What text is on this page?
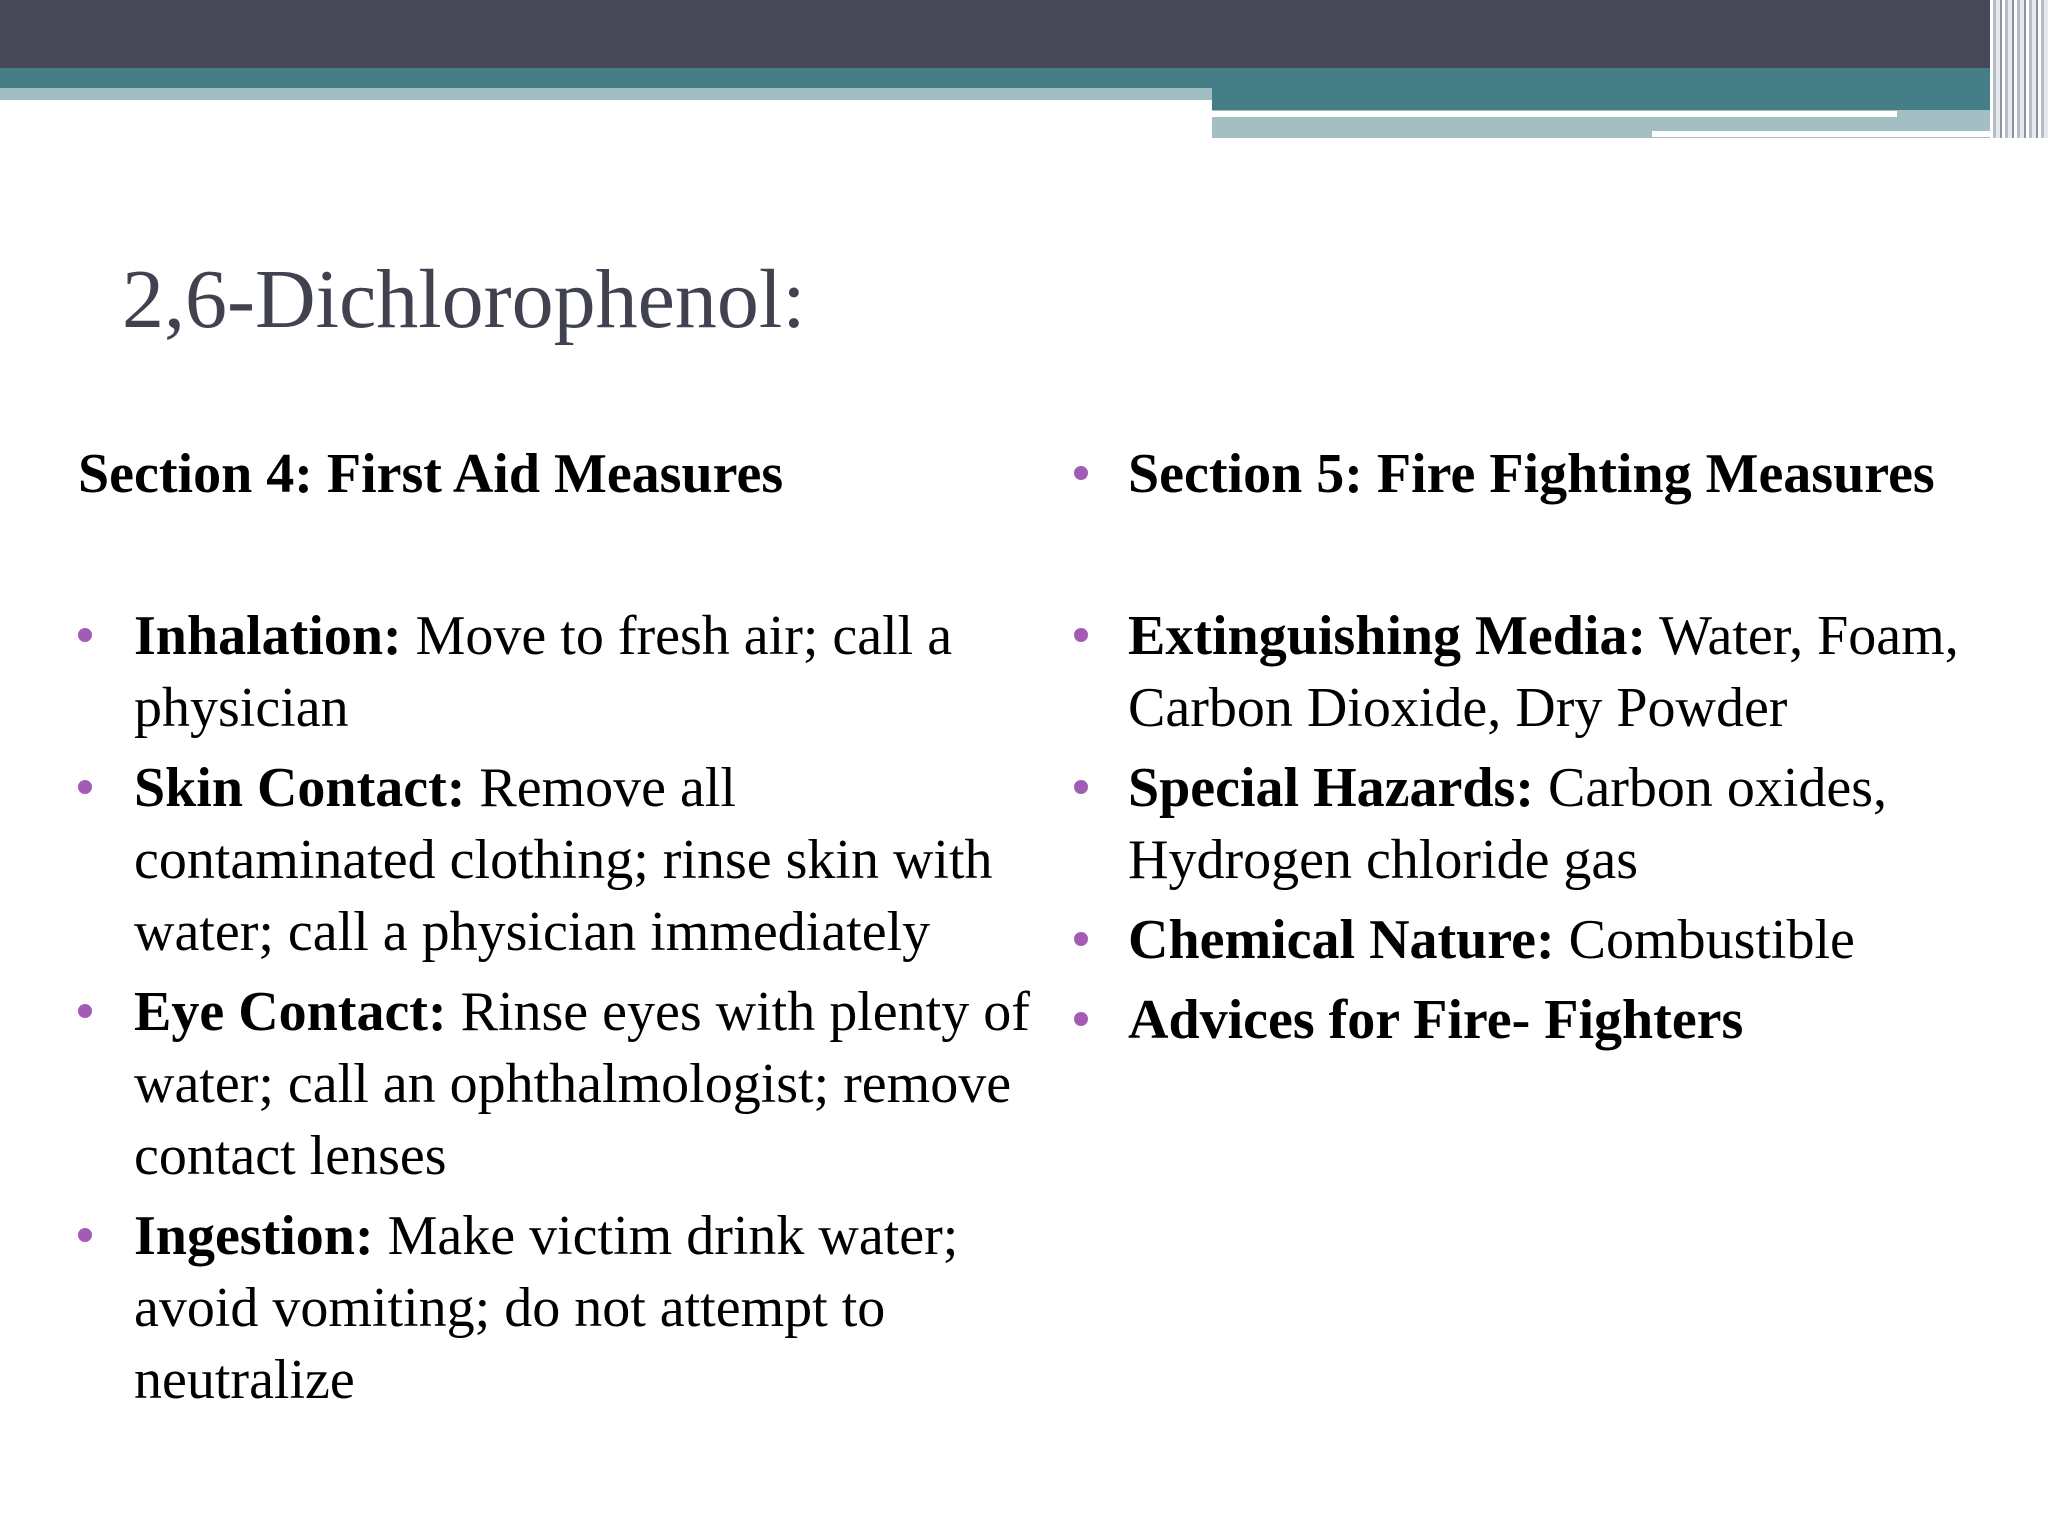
2,6-Dichlorophenol:

Section 4: First Aid Measures

Inhalation: Move to fresh air; call a physician
Skin Contact: Remove all contaminated clothing; rinse skin with water; call a physician immediately
Eye Contact: Rinse eyes with plenty of water; call an ophthalmologist; remove contact lenses
Ingestion: Make victim drink water; avoid vomiting; do not attempt to neutralize

Section 5: Fire Fighting Measures

Extinguishing Media: Water, Foam, Carbon Dioxide, Dry Powder
Special Hazards: Carbon oxides, Hydrogen chloride gas
Chemical Nature: Combustible
Advices for Fire- Fighters
